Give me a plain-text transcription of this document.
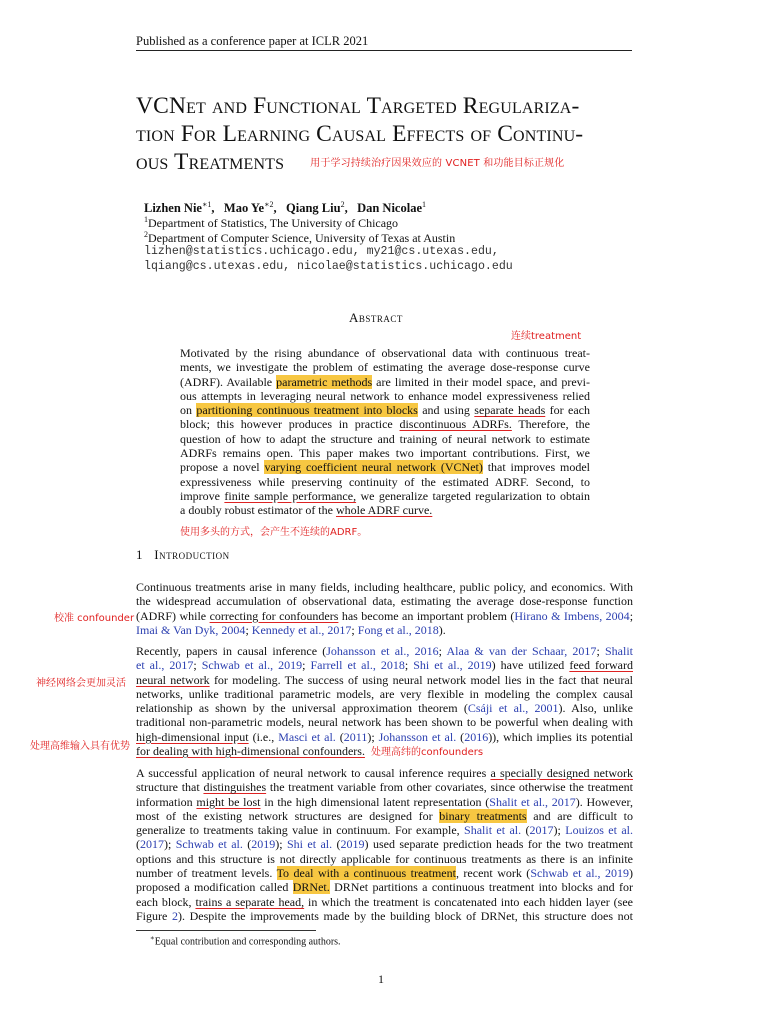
Published as a conference paper at ICLR 2021
VCNet and Functional Targeted Regulariza-
tion For Learning Causal Effects of Continu-
ous Treatments	用于学习持续治疗因果效应的 VCNET 和功能目标正规化
Lizhen Nie$^{∗1}$, Mao $Ye^{∗2}$, Qiang Liu$^2$, Dan Nicolae$^1$
$^1$Department of Statistics, The University of Chicago
$^2$Department of Computer Science, University of Texas at Austin
lizhen@statistics.uchicago.edu, my21@cs.utexas.edu,
lqiang@cs.utexas.edu, nicolae@statistics.uchicago.edu
Abstract
连续treatment
Motivated by the rising abundance of observational data with continuous treat-
ments, we investigate the problem of estimating the average dose-response curve
(ADRF). Available parametric methods are limited in their model space, and previ-
ous attempts in leveraging neural network to enhance model expressiveness relied
on partitioning continuous treatment into blocks and using separate heads for each
block; this however produces in practice discontinuous ADRFs. Therefore, the
question of how to adapt the structure and training of neural network to estimate
ADRFs remains open. This paper makes two important contributions. First, we
propose a novel varying coefficient neural network (VCNet) that improves model
expressiveness while preserving continuity of the estimated ADRF. Second, to
improve finite sample performance, we generalize targeted regularization to obtain
a doubly robust estimator of the whole ADRF curve.
使用多头的方式，会产生不连续的ADRF。
1 Introduction
校准 confounder
神经网络会更加灵活
处理高维输入具有优势
Continuous treatments arise in many fields, including healthcare, public policy, and economics. With
the widespread accumulation of observational data, estimating the average dose-response function
(ADRF) while correcting for confounders has become an important problem (Hirano & Imbens, 2004;
Imai & Van Dyk, 2004; Kennedy et al., 2017; Fong et al., 2018).
Recently, papers in causal inference (Johansson et al., 2016; Alaa & van der Schaar, 2017; Shalit
et al., 2017; Schwab et al., 2019; Farrell et al., 2018; Shi et al., 2019) have utilized feed forward
neural network for modeling. The success of using neural network model lies in the fact that neural
networks, unlike traditional parametric models, are very flexible in modeling the complex causal
relationship as shown by the universal approximation theorem (Csáji et al., 2001). Also, unlike
traditional non-parametric models, neural network has been shown to be powerful when dealing with
high-dimensional input (i.e., Masci et al. (2011); Johansson et al. (2016)), which implies its potential
for dealing with high-dimensional confounders. 处理高纬的confounders
A successful application of neural network to causal inference requires a specially designed network
structure that distinguishes the treatment variable from other covariates, since otherwise the treatment
information might be lost in the high dimensional latent representation (Shalit et al., 2017). However,
most of the existing network structures are designed for binary treatments and are difficult to
generalize to treatments taking value in continuum. For example, Shalit et al. (2017); Louizos et al.
(2017); Schwab et al. (2019); Shi et al. (2019) used separate prediction heads for the two treatment
options and this structure is not directly applicable for continuous treatments as there is an infinite
number of treatment levels. To deal with a continuous treatment, recent work (Schwab et al., 2019)
proposed a modification called DRNet. DRNet partitions a continuous treatment into blocks and for
each block, trains a separate head, in which the treatment is concatenated into each hidden layer (see
Figure 2). Despite the improvements made by the building block of DRNet, this structure does not
∗Equal contribution and corresponding authors.
1
